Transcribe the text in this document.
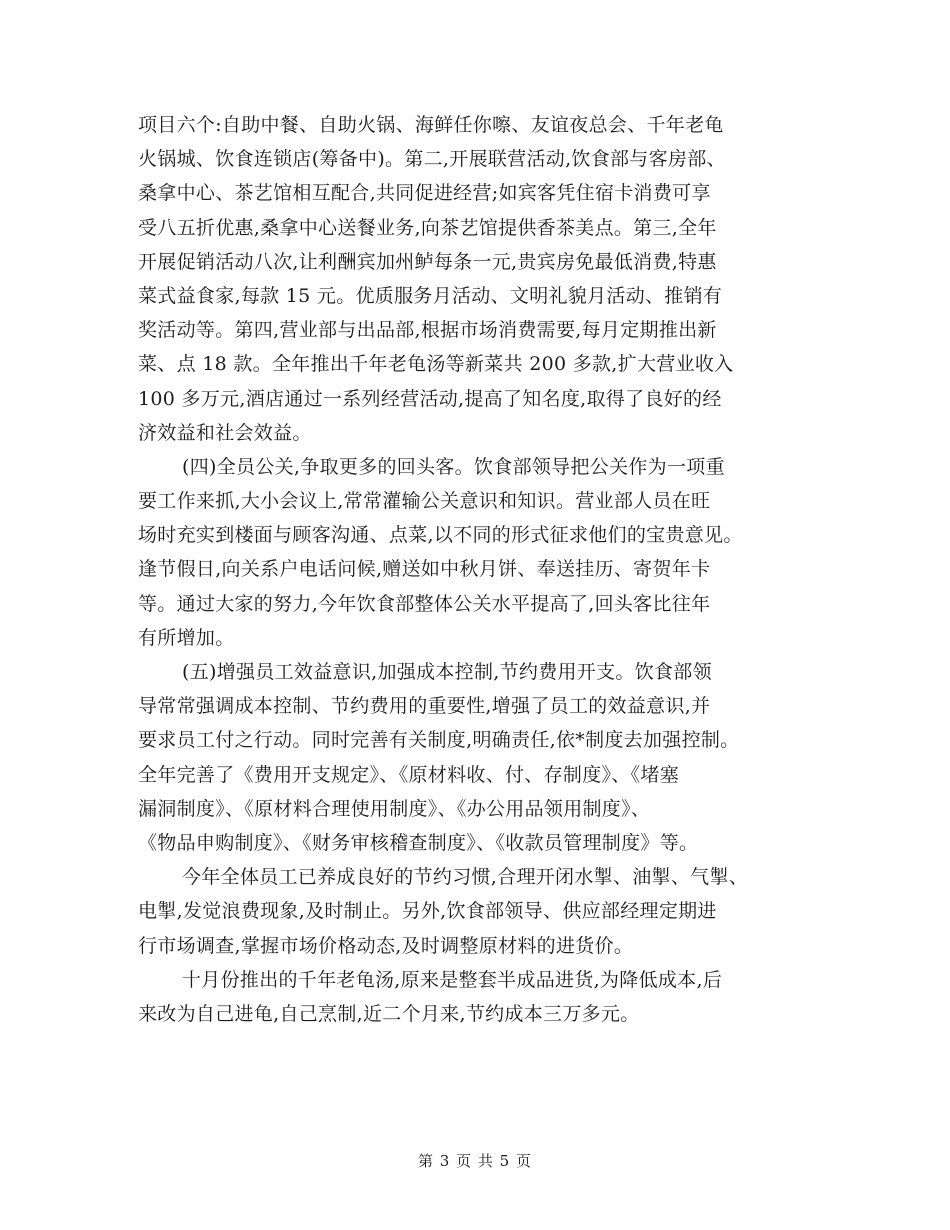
项目六个:自助中餐、自助火锅、海鲜任你嚓、友谊夜总会、千年老龟
火锅城、饮食连锁店(筹备中)。第二,开展联营活动,饮食部与客房部、
桑拿中心、茶艺馆相互配合,共同促进经营;如宾客凭住宿卡消费可享
受八五折优惠,桑拿中心送餐业务,向茶艺馆提供香茶美点。第三,全年
开展促销活动八次,让利酬宾加州鲈每条一元,贵宾房免最低消费,特惠
菜式益食家,每款 15 元。优质服务月活动、文明礼貌月活动、推销有
奖活动等。第四,营业部与出品部,根据市场消费需要,每月定期推出新
菜、点 18 款。全年推出千年老龟汤等新菜共 200 多款,扩大营业收入
100 多万元,酒店通过一系列经营活动,提高了知名度,取得了良好的经
济效益和社会效益。
(四)全员公关,争取更多的回头客。饮食部领导把公关作为一项重
要工作来抓,大小会议上,常常灌输公关意识和知识。营业部人员在旺
场时充实到楼面与顾客沟通、点菜,以不同的形式征求他们的宝贵意见。
逢节假日,向关系户电话问候,赠送如中秋月饼、奉送挂历、寄贺年卡
等。通过大家的努力,今年饮食部整体公关水平提高了,回头客比往年
有所增加。
(五)增强员工效益意识,加强成本控制,节约费用开支。饮食部领
导常常强调成本控制、节约费用的重要性,增强了员工的效益意识,并
要求员工付之行动。同时完善有关制度,明确责任,依*制度去加强控制。
全年完善了《费用开支规定》、《原材料收、付、存制度》、《堵塞
漏洞制度》、《原材料合理使用制度》、《办公用品领用制度》、
《物品申购制度》、《财务审核稽查制度》、《收款员管理制度》等。
今年全体员工已养成良好的节约习惯,合理开闭水掣、油掣、气掣、
电掣,发觉浪费现象,及时制止。另外,饮食部领导、供应部经理定期进
行市场调查,掌握市场价格动态,及时调整原材料的进货价。
十月份推出的千年老龟汤,原来是整套半成品进货,为降低成本,后
来改为自己进龟,自己烹制,近二个月来,节约成本三万多元。
第 3 页 共 5 页
